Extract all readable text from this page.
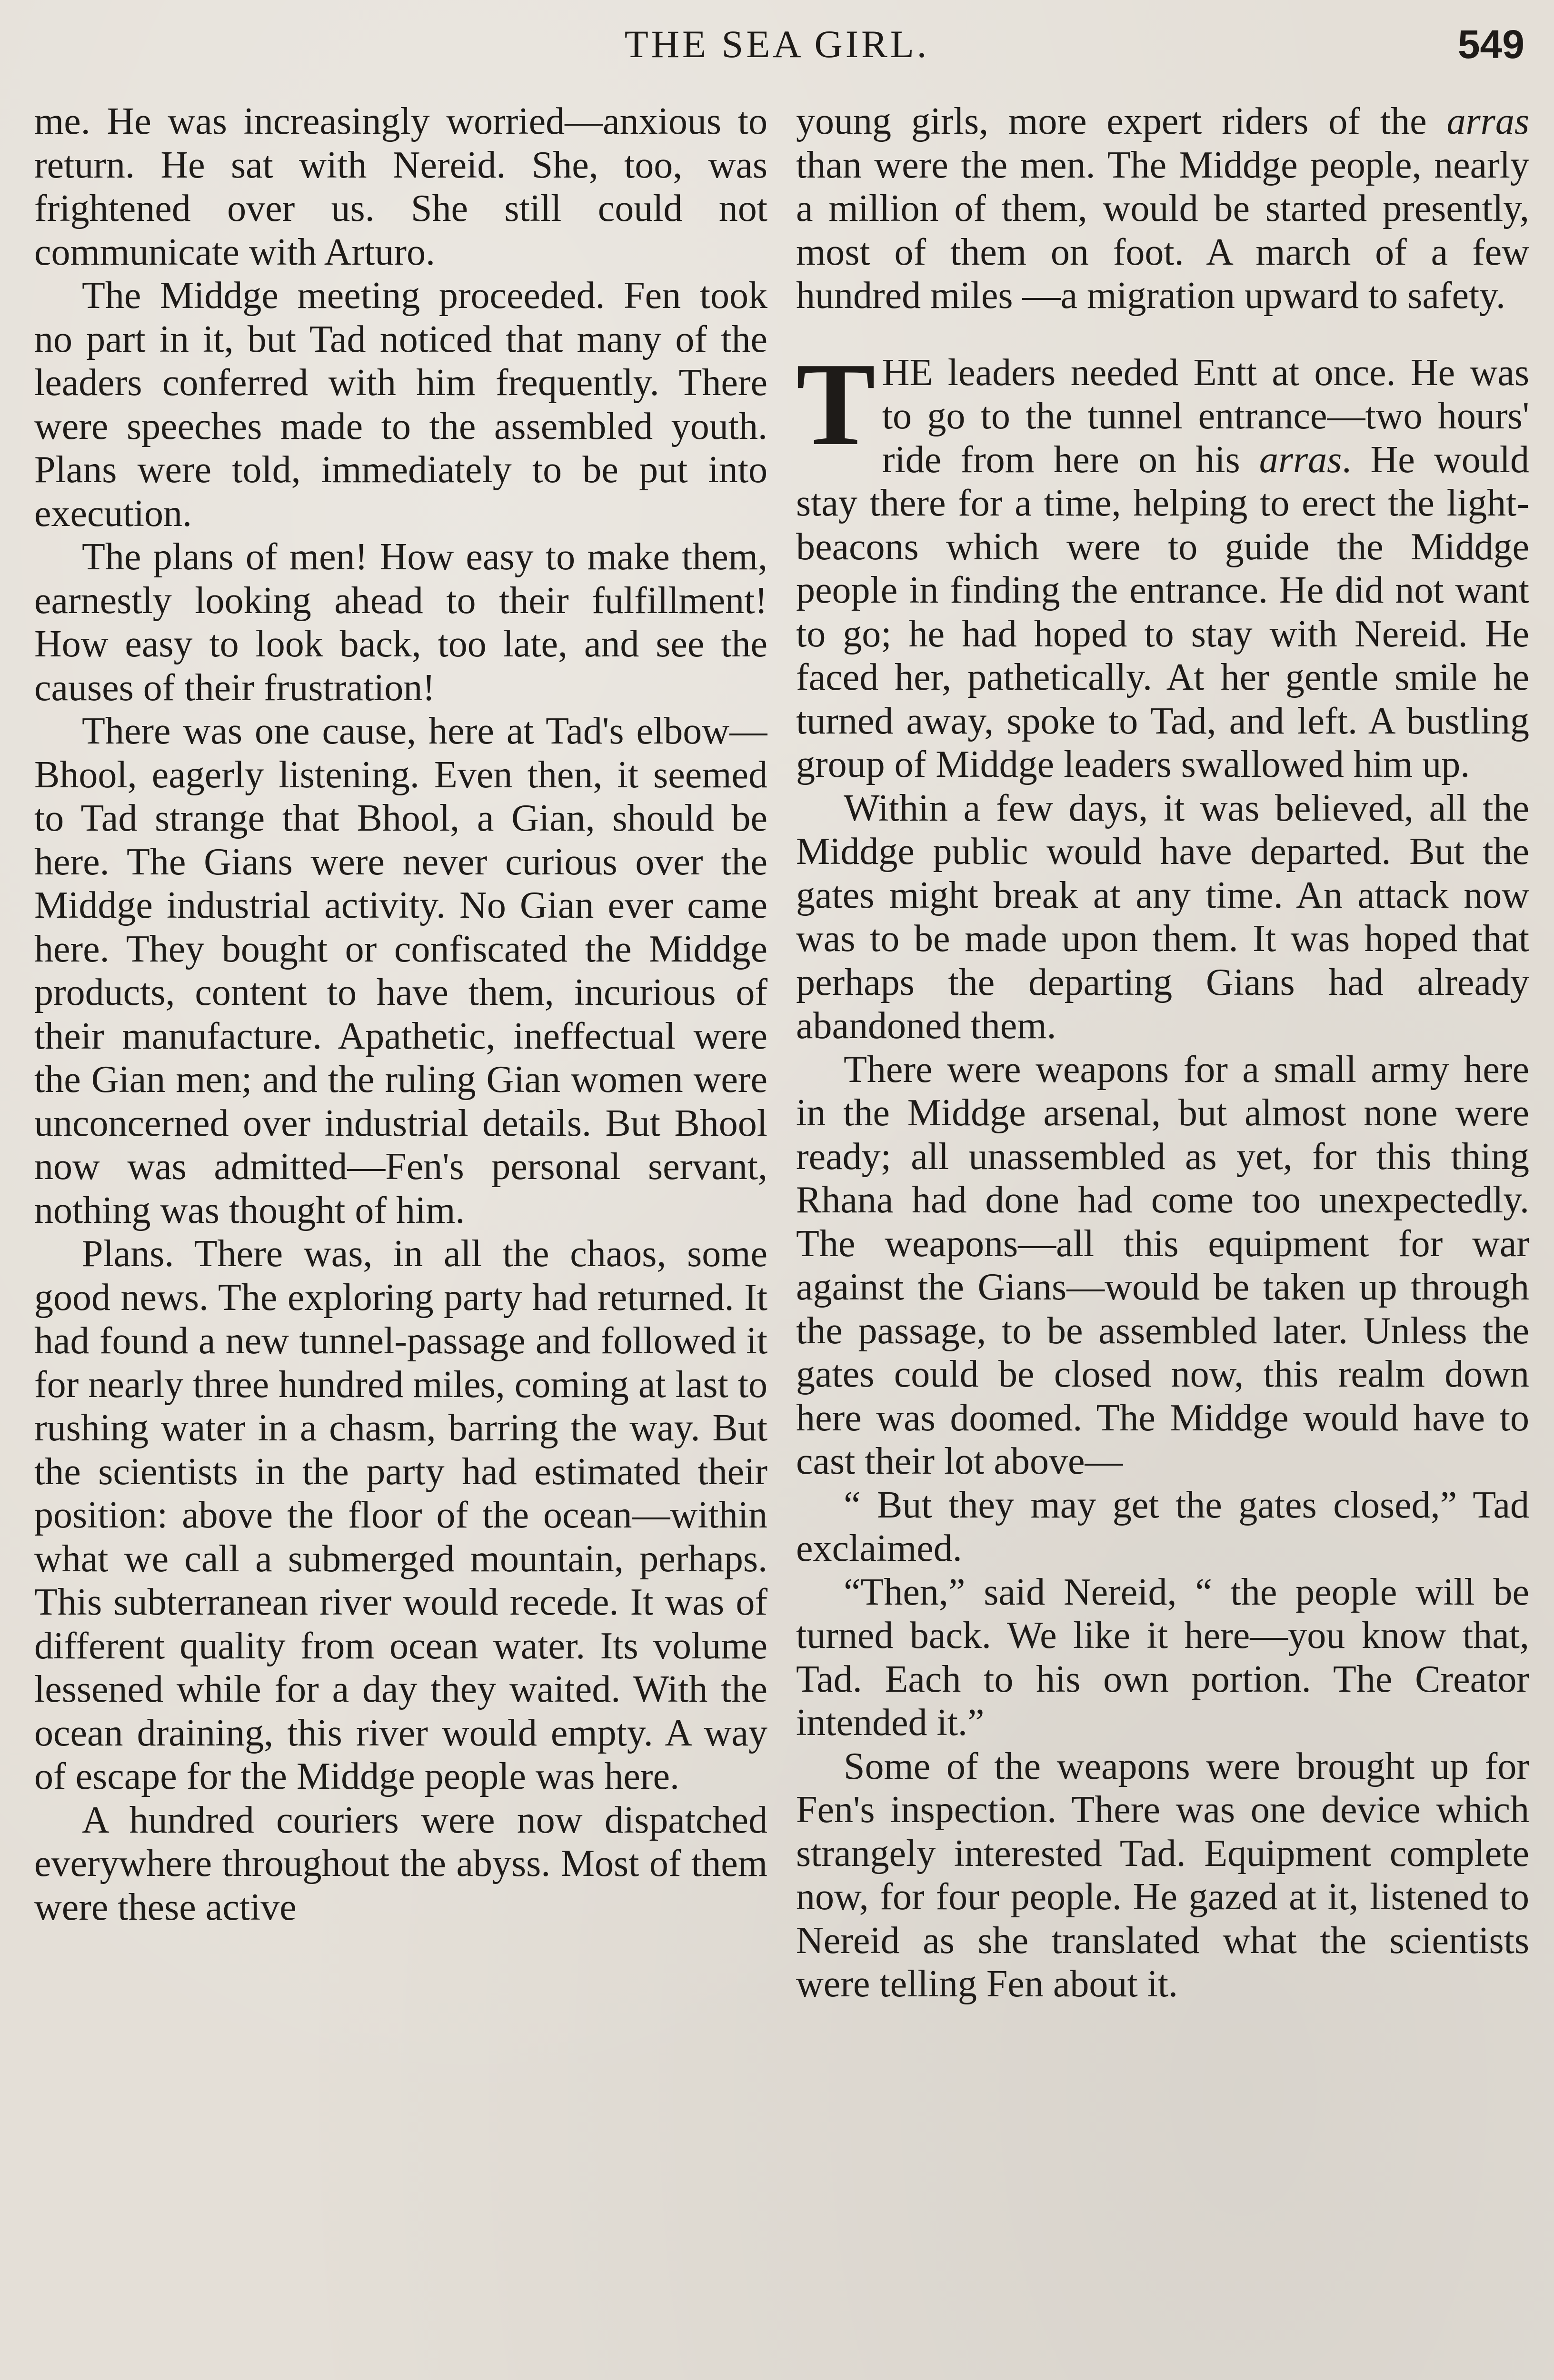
THE SEA GIRL.	549

me. He was increasingly worried—anxious to return. He sat with Nereid. She, too, was frightened over us. She still could not communicate with Arturo.

The Middge meeting proceeded. Fen took no part in it, but Tad noticed that many of the leaders conferred with him frequently. There were speeches made to the assembled youth. Plans were told, immediately to be put into execution.

The plans of men! How easy to make them, earnestly looking ahead to their fulfillment! How easy to look back, too late, and see the causes of their frustration!

There was one cause, here at Tad's elbow—Bhool, eagerly listening. Even then, it seemed to Tad strange that Bhool, a Gian, should be here. The Gians were never curious over the Middge industrial activity. No Gian ever came here. They bought or confiscated the Middge products, content to have them, incurious of their manufacture. Apathetic, ineffectual were the Gian men; and the ruling Gian women were unconcerned over industrial details. But Bhool now was admitted—Fen's personal servant, nothing was thought of him.

Plans. There was, in all the chaos, some good news. The exploring party had returned. It had found a new tunnel-passage and followed it for nearly three hundred miles, coming at last to rushing water in a chasm, barring the way. But the scientists in the party had estimated their position: above the floor of the ocean—within what we call a submerged mountain, perhaps. This subterranean river would recede. It was of different quality from ocean water. Its volume lessened while for a day they waited. With the ocean draining, this river would empty. A way of escape for the Middge people was here.

A hundred couriers were now dispatched everywhere throughout the abyss. Most of them were these active

young girls, more expert riders of the arras than were the men. The Middge people, nearly a million of them, would be started presently, most of them on foot. A march of a few hundred miles —a migration upward to safety.

THE leaders needed Entt at once. He was to go to the tunnel entrance—two hours' ride from here on his arras. He would stay there for a time, helping to erect the light-beacons which were to guide the Middge people in finding the entrance. He did not want to go; he had hoped to stay with Nereid. He faced her, pathetically. At her gentle smile he turned away, spoke to Tad, and left. A bustling group of Middge leaders swallowed him up.

Within a few days, it was believed, all the Middge public would have departed. But the gates might break at any time. An attack now was to be made upon them. It was hoped that perhaps the departing Gians had already abandoned them.

There were weapons for a small army here in the Middge arsenal, but almost none were ready; all unassembled as yet, for this thing Rhana had done had come too unexpectedly. The weapons—all this equipment for war against the Gians—would be taken up through the passage, to be assembled later. Unless the gates could be closed now, this realm down here was doomed. The Middge would have to cast their lot above—

“ But they may get the gates closed,” Tad exclaimed.

“Then,” said Nereid, “ the people will be turned back. We like it here—you know that, Tad. Each to his own portion. The Creator intended it.”

Some of the weapons were brought up for Fen's inspection. There was one device which strangely interested Tad. Equipment complete now, for four people. He gazed at it, listened to Nereid as she translated what the scientists were telling Fen about it.
